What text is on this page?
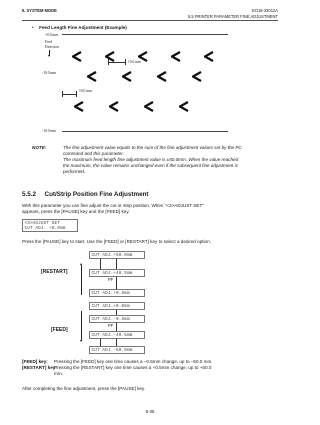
5. SYSTEM MODE	EO18-33012A
5.5 PRINTER PARAMETER FINE ADJUSTMENT
• Feed Length Fine Adjustment (Example)
+0.0 mm
Feed
Direction
-10.0 mm
-10.0 mm
10.0 mm
10.0 mm
NOTE:	The fine adjustment value equals to the sum of the fine adjustment values set by the PC
command and this parameter.
The maximum feed length fine adjustment value is ±50.0mm. When the value reached
the maximum, the value remains unchanged even if the subsequent fine adjustment is
performed.
5.5.2 Cut/Strip Position Fine Adjustment
With this parameter you can fine adjust the cut or strip position. When "<3>ADJUST SET"
appears, press the [PAUSE] key and the [FEED] key.
<3>ADJUST SET
CUT ADJ. +0.0mm
Press the [PAUSE] key to start. Use the [FEED] or [RESTART] key to select a desired option.
[RESTART]
[FEED]
CUT ADJ.+50.0mm
CUT ADJ.+49.5mm
CUT ADJ.+0.5mm
CUT ADJ.+0.0mm
CUT ADJ.-0.5mm
CUT ADJ.-49.5mm
CUT ADJ.-50.0mm
PF
PF
[FEED] key:	Pressing the [FEED] key one time causes a –0.5mm change, up to –50.0 mm.
[RESTART] key:
Pressing the [RESTART] key one time causes a +0.5mm change, up to +50.0
mm.
After completing the fine adjustment, press the [PAUSE] key.
5-35
